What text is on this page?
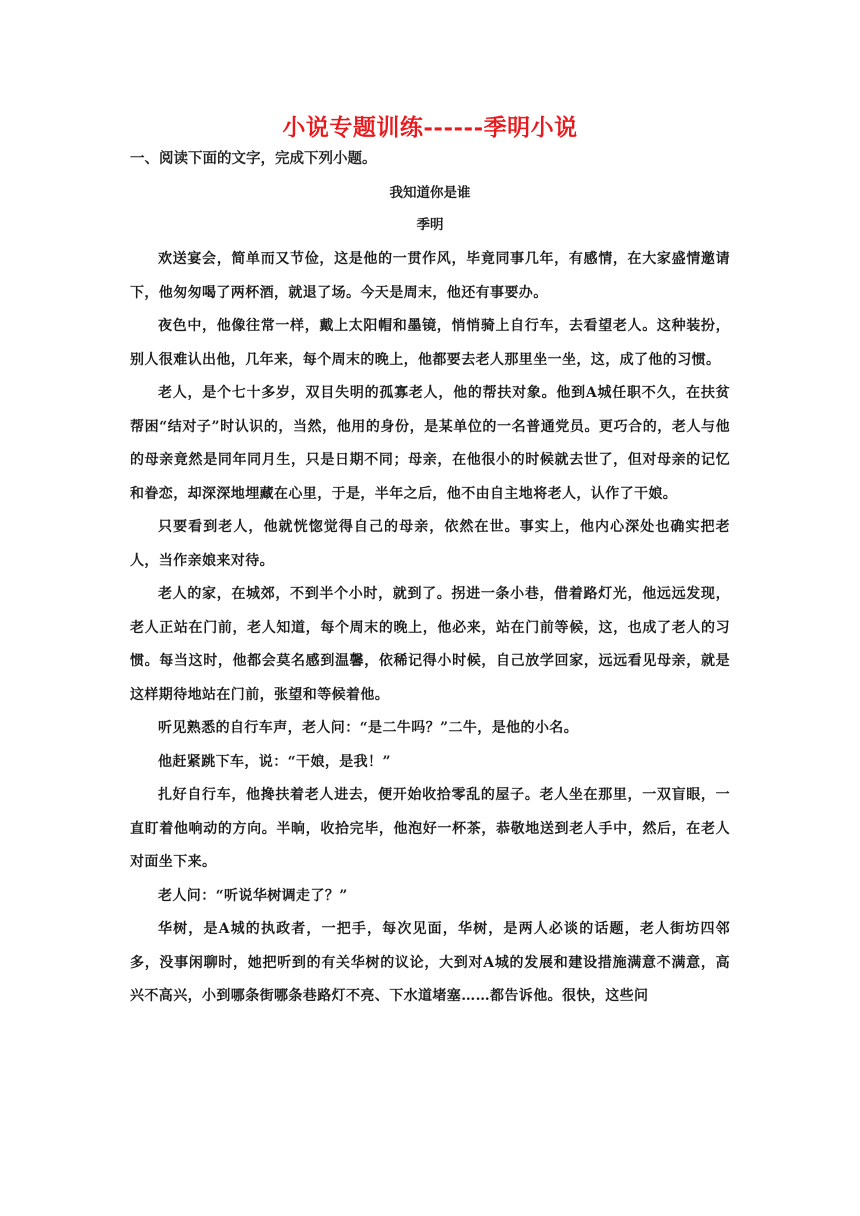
小说专题训练------季明小说

一、阅读下面的文字，完成下列小题。

我知道你是谁

季明

欢送宴会，简单而又节俭，这是他的一贯作风，毕竟同事几年，有感情，在大家盛情邀请下，他匆匆喝了两杯酒，就退了场。今天是周末，他还有事要办。

夜色中，他像往常一样，戴上太阳帽和墨镜，悄悄骑上自行车，去看望老人。这种装扮，别人很难认出他，几年来，每个周末的晚上，他都要去老人那里坐一坐，这，成了他的习惯。

老人，是个七十多岁，双目失明的孤寡老人，他的帮扶对象。他到A城任职不久，在扶贫帮困“结对子”时认识的，当然，他用的身份，是某单位的一名普通党员。更巧合的，老人与他的母亲竟然是同年同月生，只是日期不同；母亲，在他很小的时候就去世了，但对母亲的记忆和眷恋，却深深地埋藏在心里，于是，半年之后，他不由自主地将老人，认作了干娘。

只要看到老人，他就恍惚觉得自己的母亲，依然在世。事实上，他内心深处也确实把老人，当作亲娘来对待。

老人的家，在城郊，不到半个小时，就到了。拐进一条小巷，借着路灯光，他远远发现，老人正站在门前，老人知道，每个周末的晚上，他必来，站在门前等候，这，也成了老人的习惯。每当这时，他都会莫名感到温馨，依稀记得小时候，自己放学回家，远远看见母亲，就是这样期待地站在门前，张望和等候着他。

听见熟悉的自行车声，老人问：“是二牛吗？”二牛，是他的小名。

他赶紧跳下车，说：“干娘，是我！”

扎好自行车，他搀扶着老人进去，便开始收拾零乱的屋子。老人坐在那里，一双盲眼，一直盯着他响动的方向。半晌，收拾完毕，他泡好一杯茶，恭敬地送到老人手中，然后，在老人对面坐下来。

老人问：“听说华树调走了？”

华树，是A城的执政者，一把手，每次见面，华树，是两人必谈的话题，老人街坊四邻多，没事闲聊时，她把听到的有关华树的议论，大到对A城的发展和建设措施满意不满意，高兴不高兴，小到哪条街哪条巷路灯不亮、下水道堵塞……都告诉他。很快，这些问
